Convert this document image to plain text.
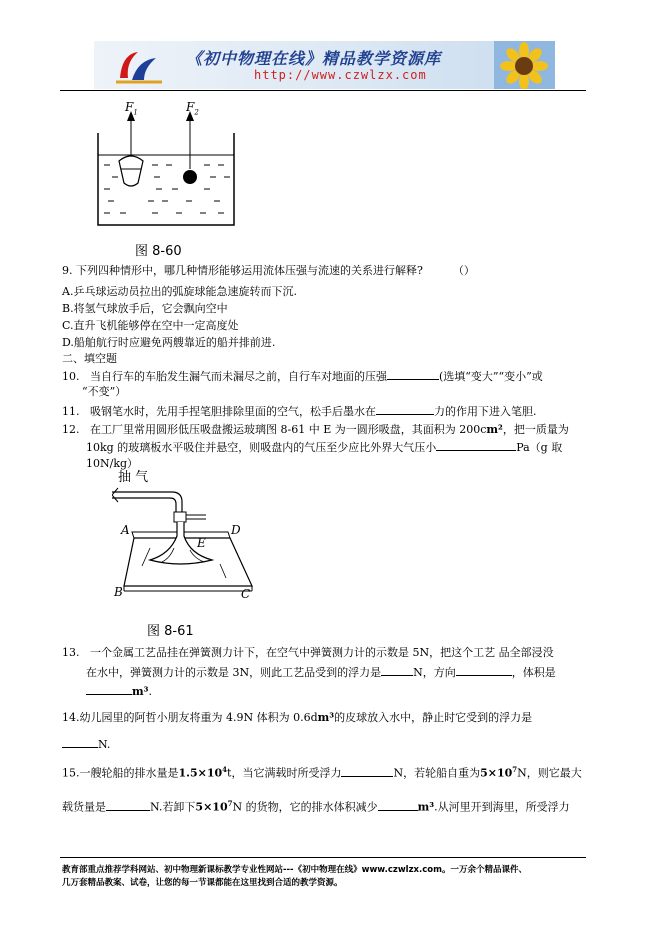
《初中物理在线》精品教学资源库
http://www.czwlzx.com
$F_1$	$F_2$
图 8-60
9. 下列四种情形中，哪几种情形能够运用流体压强与流速的关系进行解释?	（）
A.乒乓球运动员拉出的弧旋球能急速旋转而下沉.
B.将氢气球放手后，它会飘向空中
C.直升飞机能够停在空中一定高度处
D.船舶航行时应避免两艘靠近的船并排前进.
二、填空题
10. 当自行车的车胎发生漏气而未漏尽之前，自行车对地面的压强	(选填“变大”“变小”或
“不变”）
11. 吸钢笔水时，先用手捏笔胆排除里面的空气，松手后墨水在	力的作用下进入笔胆.
12. 在工厂里常用圆形低压吸盘搬运玻璃图 8-61 中 E 为一圆形吸盘，其面积为 200cm²，把一质量为
10kg 的玻璃板水平吸住并悬空，则吸盘内的气压至少应比外界大气压小	Pa（g 取
10N/kg）
抽 气
A	D
E
B	C
图 8-61
13. 一个金属工艺品挂在弹簧测力计下，在空气中弹簧测力计的示数是 5N，把这个工艺 品全部浸没
在水中，弹簧测力计的示数是 3N，则此工艺品受到的浮力是	N，方向	，体积是
m³.
14.幼儿园里的阿哲小朋友将重为 4.9N 体积为 0.6dm³的皮球放入水中，静止时它受到的浮力是
N.
15.一艘轮船的排水量是$1.5\times 10^4t$，当它满载时所受浮力	N，若轮船自重为$5\times 10^7N$，则它最大
载货量是	N.若卸下$5\times 10^7N$ 的货物，它的排水体积减少	m³.从河里开到海里，所受浮力
教育部重点推荐学科网站、初中物理新课标教学专业性网站---《初中物理在线》www.czwlzx.com。一万余个精品课件、
几万套精品教案、试卷，让您的每一节课都能在这里找到合适的教学资源。
